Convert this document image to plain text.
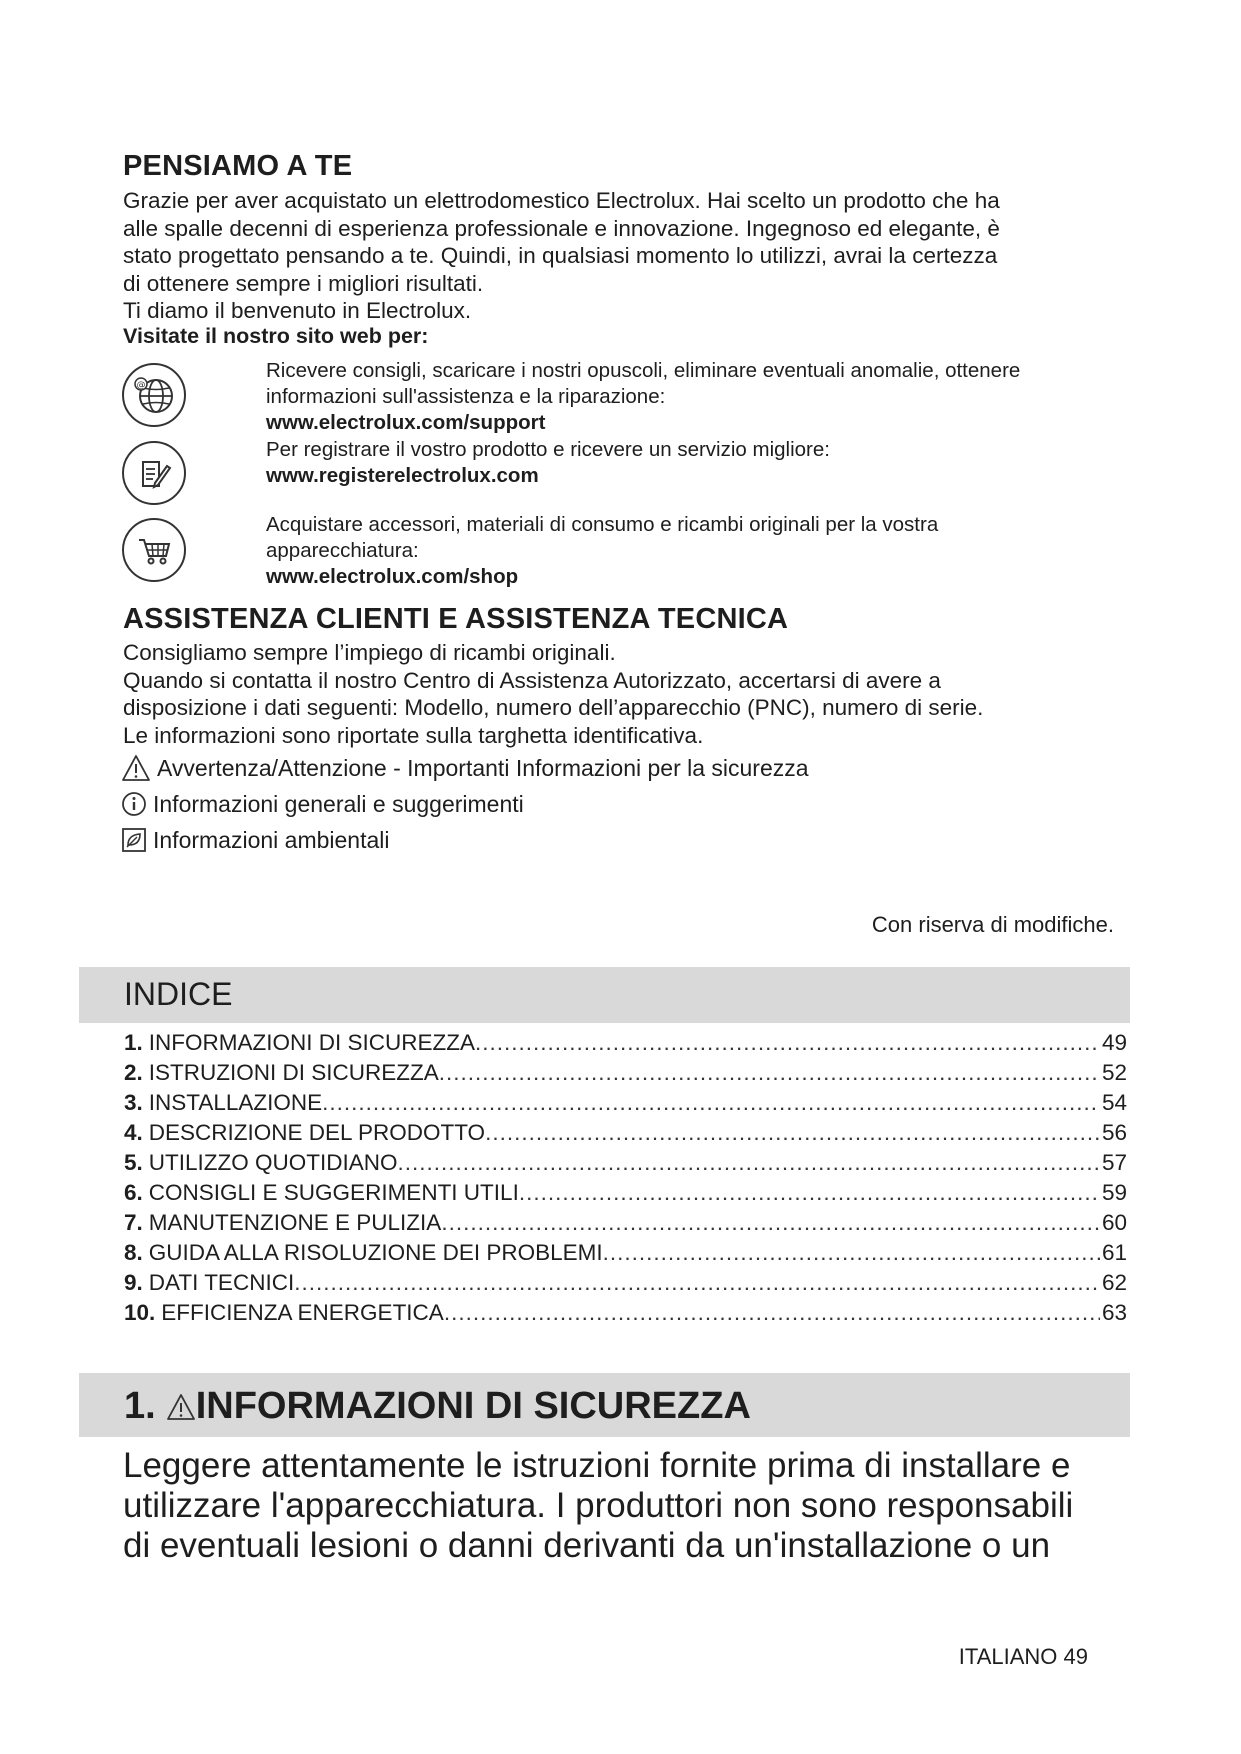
PENSIAMO A TE
Grazie per aver acquistato un elettrodomestico Electrolux. Hai scelto un prodotto che ha
alle spalle decenni di esperienza professionale e innovazione. Ingegnoso ed elegante, è
stato progettato pensando a te. Quindi, in qualsiasi momento lo utilizzi, avrai la certezza
di ottenere sempre i migliori risultati.
Ti diamo il benvenuto in Electrolux.
Visitate il nostro sito web per:
@
Ricevere consigli, scaricare i nostri opuscoli, eliminare eventuali anomalie, ottenere
informazioni sull'assistenza e la riparazione:
www.electrolux.com/support
Per registrare il vostro prodotto e ricevere un servizio migliore:
www.registerelectrolux.com
Acquistare accessori, materiali di consumo e ricambi originali per la vostra
apparecchiatura:
www.electrolux.com/shop
ASSISTENZA CLIENTI E ASSISTENZA TECNICA
Consigliamo sempre l’impiego di ricambi originali.
Quando si contatta il nostro Centro di Assistenza Autorizzato, accertarsi di avere a
disposizione i dati seguenti: Modello, numero dell’apparecchio (PNC), numero di serie.
Le informazioni sono riportate sulla targhetta identificativa.
Avvertenza/Attenzione - Importanti Informazioni per la sicurezza
Informazioni generali e suggerimenti
Informazioni ambientali
Con riserva di modifiche.
INDICE
1. INFORMAZIONI DI SICUREZZA .....	49
2. ISTRUZIONI DI SICUREZZA .....	52
3. INSTALLAZIONE .....	54
4. DESCRIZIONE DEL PRODOTTO .....	56
5. UTILIZZO QUOTIDIANO .....	57
6. CONSIGLI E SUGGERIMENTI UTILI .....	59
7. MANUTENZIONE E PULIZIA .....	60
8. GUIDA ALLA RISOLUZIONE DEI PROBLEMI .....	61
9. DATI TECNICI .....	62
10. EFFICIENZA ENERGETICA .....	63
1. INFORMAZIONI DI SICUREZZA
Leggere attentamente le istruzioni fornite prima di installare e
utilizzare l'apparecchiatura. I produttori non sono responsabili
di eventuali lesioni o danni derivanti da un'installazione o un
ITALIANO 49
